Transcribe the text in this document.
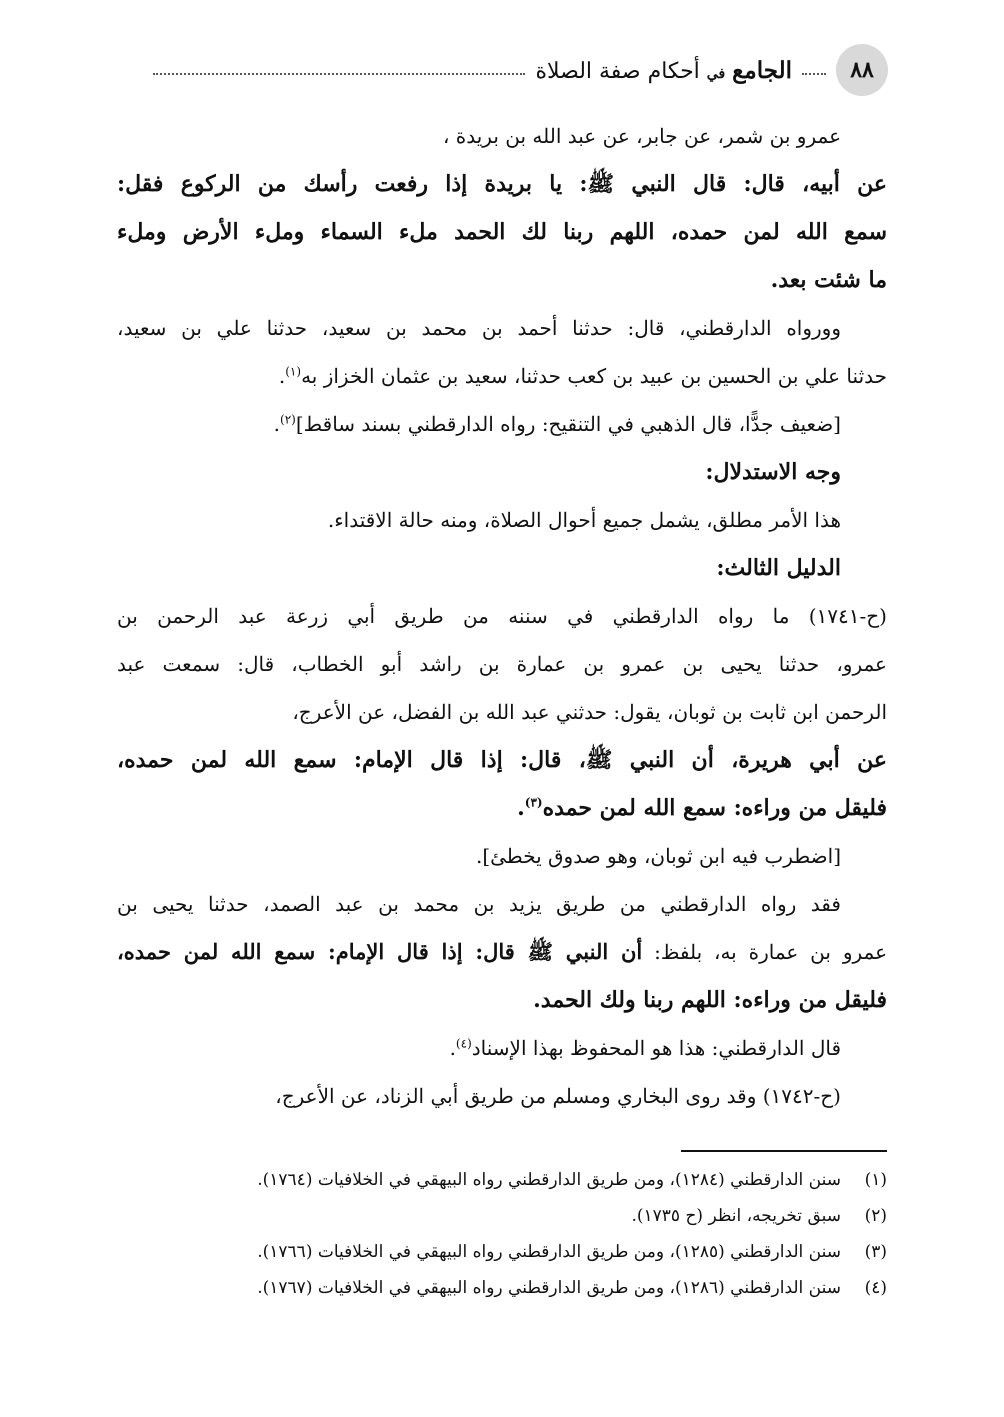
٨٨
الجامع في أحكام صفة الصلاة
عمرو بن شمر، عن جابر، عن عبد الله بن بريدة ،
عن أبيه، قال: قال النبي ﷺ: يا بريدة إذا رفعت رأسك من الركوع فقل:
سمع الله لمن حمده، اللهم ربنا لك الحمد ملء السماء وملء الأرض وملء
ما شئت بعد.
وورواه الدارقطني، قال: حدثنا أحمد بن محمد بن سعيد، حدثنا علي بن سعيد،
حدثنا علي بن الحسين بن عبيد بن كعب حدثنا، سعيد بن عثمان الخزاز به$^{(١)}$.
[ضعيف جدًّا، قال الذهبي في التنقيح: رواه الدارقطني بسند ساقط]$^{(٢)}$.
وجه الاستدلال:
هذا الأمر مطلق، يشمل جميع أحوال الصلاة، ومنه حالة الاقتداء.
الدليل الثالث:
(ح-١٧٤١) ما رواه الدارقطني في سننه من طريق أبي زرعة عبد الرحمن بن
عمرو، حدثنا يحيى بن عمرو بن عمارة بن راشد أبو الخطاب، قال: سمعت عبد
الرحمن ابن ثابت بن ثوبان، يقول: حدثني عبد الله بن الفضل، عن الأعرج،
عن أبي هريرة، أن النبي ﷺ، قال: إذا قال الإمام: سمع الله لمن حمده،
فليقل من وراءه: سمع الله لمن حمده$^{(٣)}$.
[اضطرب فيه ابن ثوبان، وهو صدوق يخطئ].
فقد رواه الدارقطني من طريق يزيد بن محمد بن عبد الصمد، حدثنا يحيى بن
عمرو بن عمارة به، بلفظ: أن النبي ﷺ قال: إذا قال الإمام: سمع الله لمن حمده،
فليقل من وراءه: اللهم ربنا ولك الحمد.
قال الدارقطني: هذا هو المحفوظ بهذا الإسناد$^{(٤)}$.
(ح-١٧٤٢) وقد روى البخاري ومسلم من طريق أبي الزناد، عن الأعرج،
(١)
سنن الدارقطني (١٢٨٤)، ومن طريق الدارقطني رواه البيهقي في الخلافيات (١٧٦٤).
(٢)
سبق تخريجه، انظر (ح ١٧٣٥).
(٣)
سنن الدارقطني (١٢٨٥)، ومن طريق الدارقطني رواه البيهقي في الخلافيات (١٧٦٦).
(٤)
سنن الدارقطني (١٢٨٦)، ومن طريق الدارقطني رواه البيهقي في الخلافيات (١٧٦٧).
